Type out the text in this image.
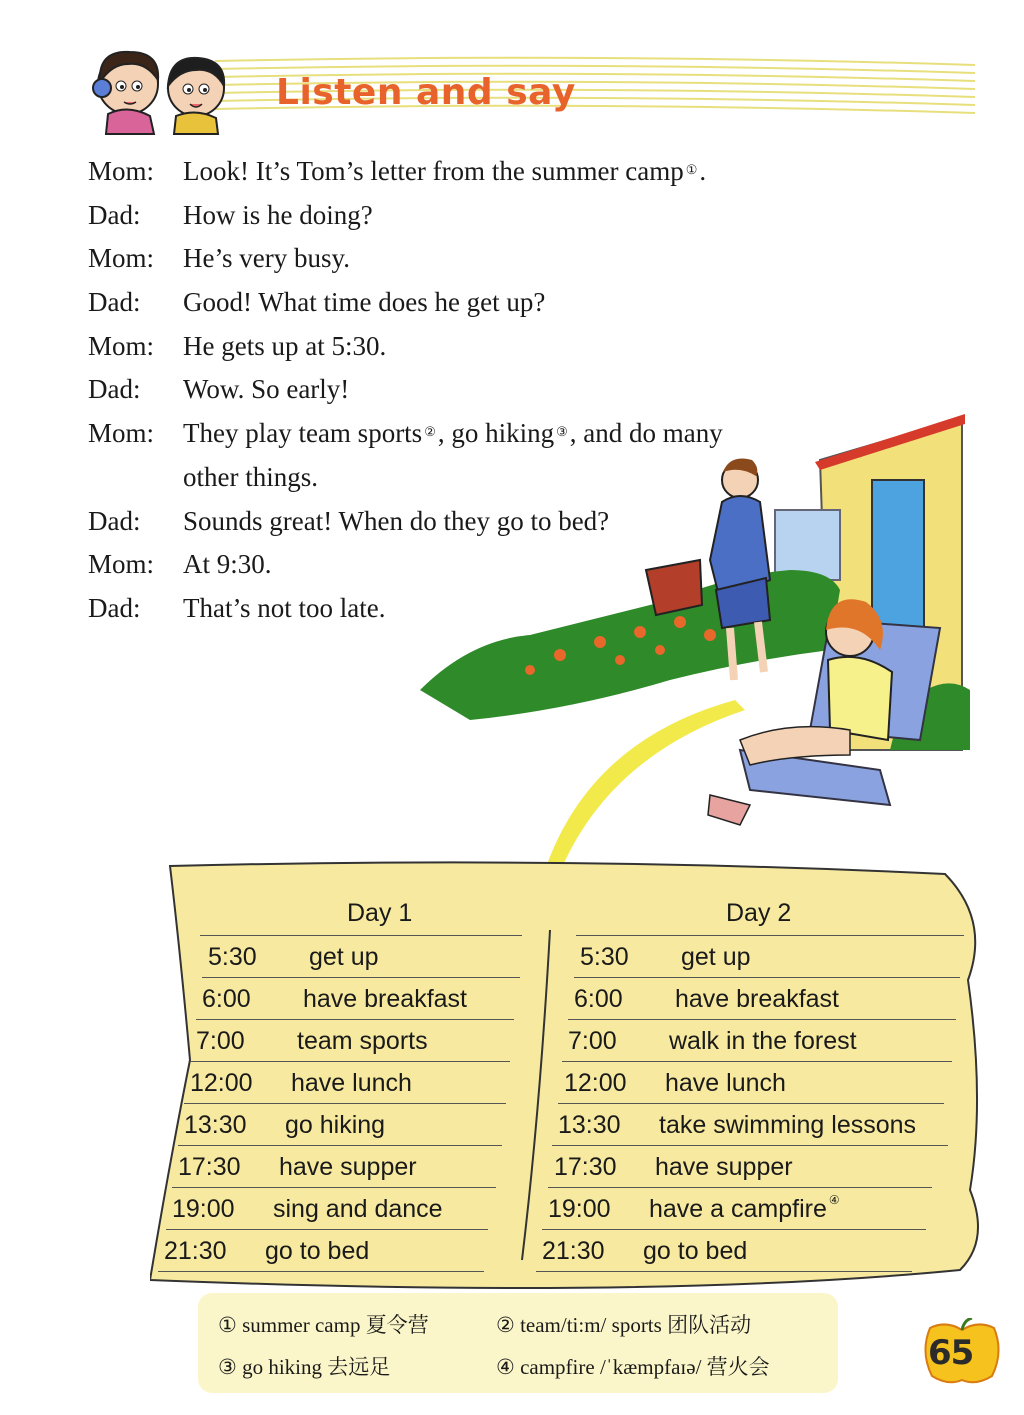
Listen and say
Mom: Look! It’s Tom’s letter from the summer camp ①.
Dad: How is he doing?
Mom: He’s very busy.
Dad: Good! What time does he get up?
Mom: He gets up at 5:30.
Dad: Wow. So early!
Mom: They play team sports ②, go hiking ③, and do many
other things.
Dad: Sounds great! When do they go to bed?
Mom: At 9:30.
Dad: That’s not too late.
Day 1
5:30 get up
6:00 have breakfast
7:00 team sports
12:00 have lunch
13:30 go hiking
17:30 have supper
19:00 sing and dance
21:30 go to bed
Day 2
5:30 get up
6:00 have breakfast
7:00 walk in the forest
12:00 have lunch
13:30 take swimming lessons
17:30 have supper
19:00 have a campfire ④
21:30 go to bed
① summer camp 夏令营	② team/ti:m/ sports 团队活动
③ go hiking 去远足	④ campfire /ˈkæmpfaɪə/ 营火会	65
